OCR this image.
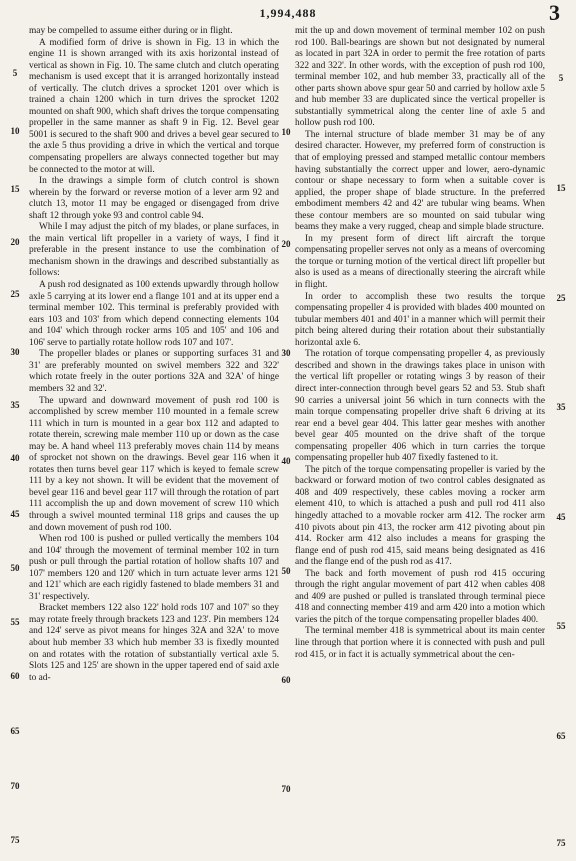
1,994,488	3

may be compelled to assume either during or in flight.

A modified form of drive is shown in Fig. 13 in which the engine 11 is shown arranged with its axis horizontal instead of vertical as shown in Fig. 10. The same clutch and clutch operating mechanism is used except that it is arranged horizontally instead of vertically. The clutch drives a sprocket 1201 over which is trained a chain 1200 which in turn drives the sprocket 1202 mounted on shaft 900, which shaft drives the torque compensating propeller in the same manner as shaft 9 in Fig. 12. Bevel gear 5001 is secured to the shaft 900 and drives a bevel gear secured to the axle 5 thus providing a drive in which the vertical and torque compensating propellers are always connected together but may be connected to the motor at will.

In the drawings a simple form of clutch control is shown wherein by the forward or reverse motion of a lever arm 92 and clutch 13, motor 11 may be engaged or disengaged from drive shaft 12 through yoke 93 and control cable 94.

While I may adjust the pitch of my blades, or plane surfaces, in the main vertical lift propeller in a variety of ways, I find it preferable in the present instance to use the combination of mechanism shown in the drawings and described substantially as follows:

A push rod designated as 100 extends upwardly through hollow axle 5 carrying at its lower end a flange 101 and at its upper end a terminal member 102. This terminal is preferably provided with ears 103 and 103' from which depend connecting elements 104 and 104' which through rocker arms 105 and 105' and 106 and 106' serve to partially rotate hollow rods 107 and 107'.

The propeller blades or planes or supporting surfaces 31 and 31' are preferably mounted on swivel members 322 and 322' which rotate freely in the outer portions 32A and 32A' of hinge members 32 and 32'.

The upward and downward movement of push rod 100 is accomplished by screw member 110 mounted in a female screw 111 which in turn is mounted in a gear box 112 and adapted to rotate therein, screwing male member 110 up or down as the case may be. A hand wheel 113 preferably moves chain 114 by means of sprocket not shown on the drawings. Bevel gear 116 when it rotates then turns bevel gear 117 which is keyed to female screw 111 by a key not shown. It will be evident that the movement of bevel gear 116 and bevel gear 117 will through the rotation of part 111 accomplish the up and down movement of screw 110 which through a swivel mounted terminal 118 grips and causes the up and down movement of push rod 100.

When rod 100 is pushed or pulled vertically the members 104 and 104' through the movement of terminal member 102 in turn push or pull through the partial rotation of hollow shafts 107 and 107' members 120 and 120' which in turn actuate lever arms 121 and 121' which are each rigidly fastened to blade members 31 and 31' respectively.

Bracket members 122 also 122' hold rods 107 and 107' so they may rotate freely through brackets 123 and 123'. Pin members 124 and 124' serve as pivot means for hinges 32A and 32A' to move about hub member 33 which hub member 33 is fixedly mounted on and rotates with the rotation of substantially vertical axle 5. Slots 125 and 125' are shown in the upper tapered end of said axle to ad-

mit the up and down movement of terminal member 102 on push rod 100. Ball-bearings are shown but not designated by numeral as located in part 32A in order to permit the free rotation of parts 322 and 322'. In other words, with the exception of push rod 100, terminal member 102, and hub member 33, practically all of the other parts shown above spur gear 50 and carried by hollow axle 5 and hub member 33 are duplicated since the vertical propeller is substantially symmetrical along the center line of axle 5 and hollow push rod 100.

The internal structure of blade member 31 may be of any desired character. However, my preferred form of construction is that of employing pressed and stamped metallic contour members having substantially the correct upper and lower, aero-dynamic contour or shape necessary to form when a suitable cover is applied, the proper shape of blade structure. In the preferred embodiment members 42 and 42' are tubular wing beams. When these contour members are so mounted on said tubular wing beams they make a very rugged, cheap and simple blade structure.

In my present form of direct lift aircraft the torque compensating propeller serves not only as a means of overcoming the torque or turning motion of the vertical direct lift propeller but also is used as a means of directionally steering the aircraft while in flight.

In order to accomplish these two results the torque compensating propeller 4 is provided with blades 400 mounted on tubular members 401 and 401' in a manner which will permit their pitch being altered during their rotation about their substantially horizontal axle 6.

The rotation of torque compensating propeller 4, as previously described and shown in the drawings takes place in unison with the vertical lift propeller or rotating wings 3 by reason of their direct inter-connection through bevel gears 52 and 53. Stub shaft 90 carries a universal joint 56 which in turn connects with the main torque compensating propeller drive shaft 6 driving at its rear end a bevel gear 404. This latter gear meshes with another bevel gear 405 mounted on the drive shaft of the torque compensating propeller 406 which in turn carries the torque compensating propeller hub 407 fixedly fastened to it.

The pitch of the torque compensating propeller is varied by the backward or forward motion of two control cables designated as 408 and 409 respectively, these cables moving a rocker arm element 410, to which is attached a push and pull rod 411 also hingedly attached to a movable rocker arm 412. The rocker arm 410 pivots about pin 413, the rocker arm 412 pivoting about pin 414. Rocker arm 412 also includes a means for grasping the flange end of push rod 415, said means being designated as 416 and the flange end of the push rod as 417.

The back and forth movement of push rod 415 occuring through the right angular movement of part 412 when cables 408 and 409 are pushed or pulled is translated through terminal piece 418 and connecting member 419 and arm 420 into a motion which varies the pitch of the torque compensating propeller blades 400.

The terminal member 418 is symmetrical about its main center line through that portion where it is connected with push and pull rod 415, or in fact it is actually symmetrical about the cen-

5
10
15
20
25
30
35
40
45
50
55
60
65
70
75
10
20
30
40
50
60
70
5
15
25
35
45
55
65
75
